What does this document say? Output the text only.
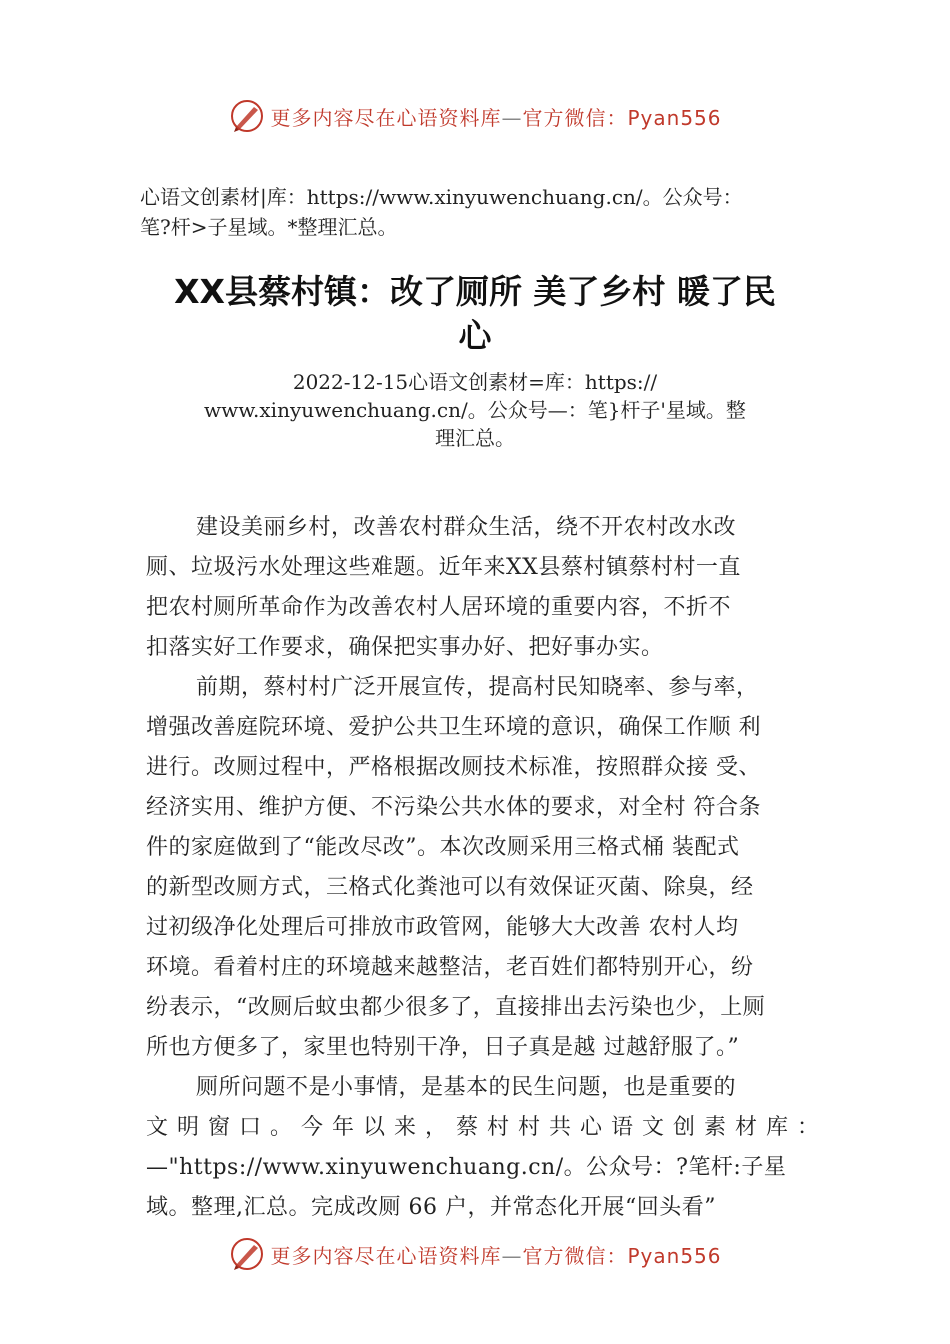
更多内容尽在心语资料库—官方微信：Pyan556
心语文创素材|库：https://www.xinyuwenchuang.cn/。公众号：
笔?杆>子星域。*整理汇总。
XX县蔡村镇：改了厕所 美了乡村 暖了民
心
2022-12-15心语文创素材=库：https://
www.xinyuwenchuang.cn/。公众号—：笔}杆子'星域。整
理汇总。
建设美丽乡村，改善农村群众生活，绕不开农村改水改
厕、垃圾污水处理这些难题。近年来XX县蔡村镇蔡村村一直
把农村厕所革命作为改善农村人居环境的重要内容，不折不
扣落实好工作要求，确保把实事办好、把好事办实。
前期，蔡村村广泛开展宣传，提高村民知晓率、参与率，
增强改善庭院环境、爱护公共卫生环境的意识，确保工作顺 利
进行。改厕过程中，严格根据改厕技术标准，按照群众接 受、
经济实用、维护方便、不污染公共水体的要求，对全村 符合条
件的家庭做到了“能改尽改”。本次改厕采用三格式桶 装配式
的新型改厕方式，三格式化粪池可以有效保证灭菌、除臭，经
过初级净化处理后可排放市政管网，能够大大改善 农村人均
环境。看着村庄的环境越来越整洁，老百姓们都特别开心，纷
纷表示，“改厕后蚊虫都少很多了，直接排出去污染也少，上厕
所也方便多了，家里也特别干净，日子真是越 过越舒服了。”
厕所问题不是小事情，是基本的民生问题，也是重要的
文明窗口。今年以来，蔡村村共心语文创素材库：
—"https://www.xinyuwenchuang.cn/。公众号：?笔杆:子星
域。整理,汇总。完成改厕 66 户，并常态化开展“回头看”
更多内容尽在心语资料库—官方微信：Pyan556
